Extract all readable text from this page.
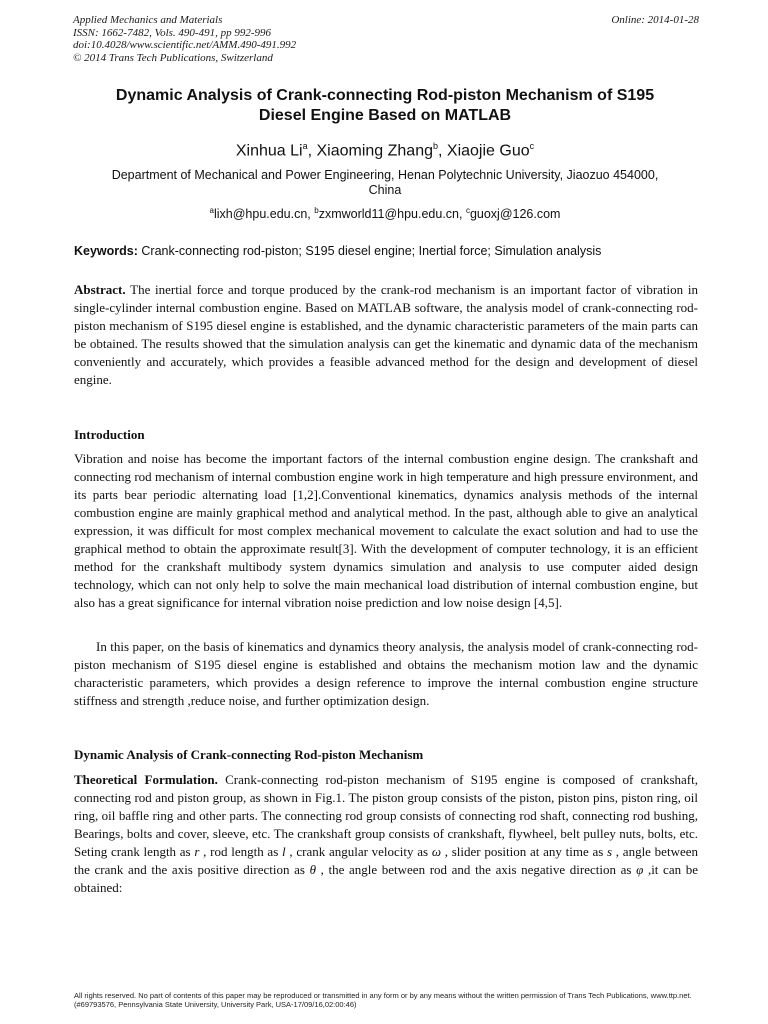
Applied Mechanics and Materials
ISSN: 1662-7482, Vols. 490-491, pp 992-996
doi:10.4028/www.scientific.net/AMM.490-491.992
© 2014 Trans Tech Publications, Switzerland
Online: 2014-01-28
Dynamic Analysis of Crank-connecting Rod-piston Mechanism of S195
Diesel Engine Based on MATLAB
Xinhua Li$^a$, Xiaoming Zhang$^b$, Xiaojie Guo$^c$
Department of Mechanical and Power Engineering, Henan Polytechnic University, Jiaozuo 454000,
China
$^a$lixh@hpu.edu.cn, $^b$zxmworld11@hpu.edu.cn, $^c$guoxj@126.com
Keywords: Crank-connecting rod-piston; S195 diesel engine; Inertial force; Simulation analysis

Abstract. The inertial force and torque produced by the crank-rod mechanism is an important factor of vibration in single-cylinder internal combustion engine. Based on MATLAB software, the analysis model of crank-connecting rod-piston mechanism of S195 diesel engine is established, and the dynamic characteristic parameters of the main parts can be obtained. The results showed that the simulation analysis can get the kinematic and dynamic data of the mechanism conveniently and accurately, which provides a feasible advanced method for the design and development of diesel engine.

Introduction

Vibration and noise has become the important factors of the internal combustion engine design. The crankshaft and connecting rod mechanism of internal combustion engine work in high temperature and high pressure environment, and its parts bear periodic alternating load [1,2].Conventional kinematics, dynamics analysis methods of the internal combustion engine are mainly graphical method and analytical method. In the past, although able to give an analytical expression, it was difficult for most complex mechanical movement to calculate the exact solution and had to use the graphical method to obtain the approximate result[3]. With the development of computer technology, it is an efficient method for the crankshaft multibody system dynamics simulation and analysis to use computer aided design technology, which can not only help to solve the main mechanical load distribution of internal combustion engine, but also has a great significance for internal vibration noise prediction and low noise design [4,5].

In this paper, on the basis of kinematics and dynamics theory analysis, the analysis model of crank-connecting rod-piston mechanism of S195 diesel engine is established and obtains the mechanism motion law and the dynamic characteristic parameters, which provides a design reference to improve the internal combustion engine structure stiffness and strength ,reduce noise, and further optimization design.

Dynamic Analysis of Crank-connecting Rod-piston Mechanism

Theoretical Formulation. Crank-connecting rod-piston mechanism of S195 engine is composed of crankshaft, connecting rod and piston group, as shown in Fig.1. The piston group consists of the piston, piston pins, piston ring, oil ring, oil baffle ring and other parts. The connecting rod group consists of connecting rod shaft, connecting rod bushing, Bearings, bolts and cover, sleeve, etc. The crankshaft group consists of crankshaft, flywheel, belt pulley nuts, bolts, etc. Seting crank length as r , rod length as l , crank angular velocity as ω , slider position at any time as s , angle between the crank and the axis positive direction as θ , the angle between rod and the axis negative direction as φ ,it can be obtained:

All rights reserved. No part of contents of this paper may be reproduced or transmitted in any form or by any means without the written permission of Trans Tech Publications, www.ttp.net. (#69793576, Pennsylvania State University, University Park, USA-17/09/16,02:00:46)
